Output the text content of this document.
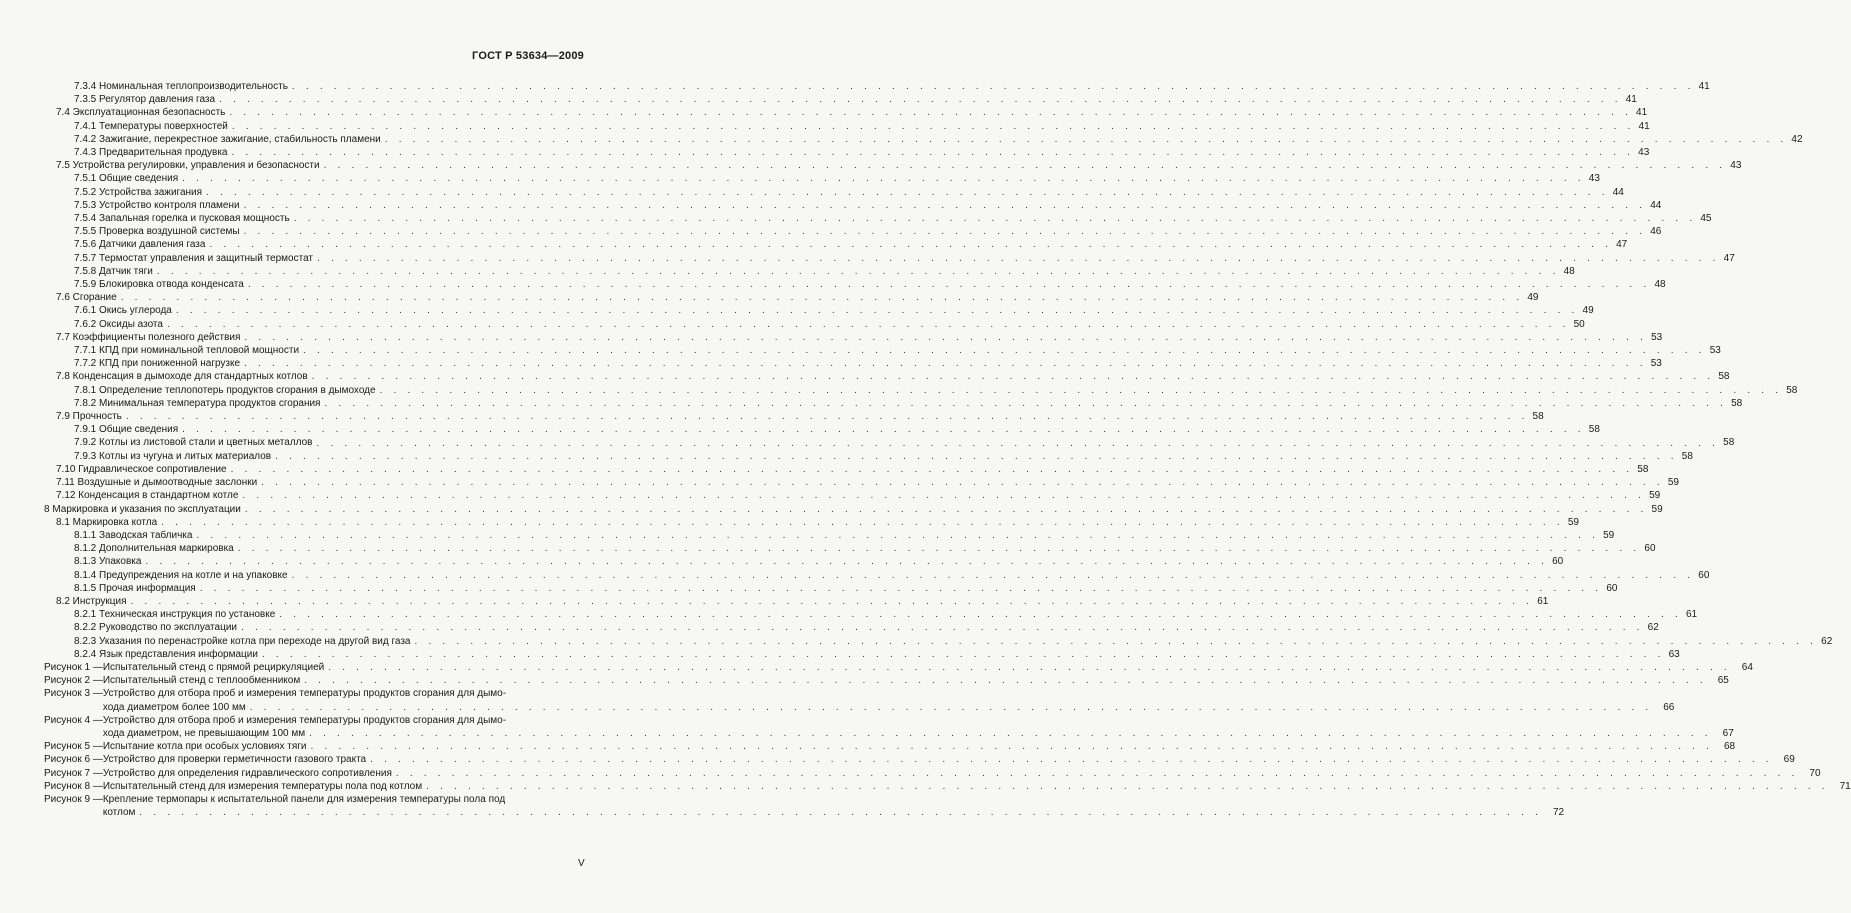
ГОСТ Р 53634—2009
7.3.4 Номинальная теплопроизводительность . . .	41
7.3.5 Регулятор давления газа . . .	41
7.4 Эксплуатационная безопасность . . .	41
7.4.1 Температуры поверхностей . . .	41
7.4.2 Зажигание, перекрестное зажигание, стабильность пламени . . .	42
7.4.3 Предварительная продувка . . .	43
7.5 Устройства регулировки, управления и безопасности . . .	43
7.5.1 Общие сведения . . .	43
7.5.2 Устройства зажигания . . .	44
7.5.3 Устройство контроля пламени . . .	44
7.5.4 Запальная горелка и пусковая мощность . . .	45
7.5.5 Проверка воздушной системы . . .	46
7.5.6 Датчики давления газа . . .	47
7.5.7 Термостат управления и защитный термостат . . .	47
7.5.8 Датчик тяги . . .	48
7.5.9 Блокировка отвода конденсата . . .	48
7.6 Сгорание . . .	49
7.6.1 Окись углерода . . .	49
7.6.2 Оксиды азота . . .	50
7.7 Коэффициенты полезного действия . . .	53
7.7.1 КПД при номинальной тепловой мощности . . .	53
7.7.2 КПД при пониженной нагрузке . . .	53
7.8 Конденсация в дымоходе для стандартных котлов . . .	58
7.8.1 Определение теплопотерь продуктов сгорания в дымоходе . . .	58
7.8.2 Минимальная температура продуктов сгорания . . .	58
7.9 Прочность . . .	58
7.9.1 Общие сведения . . .	58
7.9.2 Котлы из листовой стали и цветных металлов . . .	58
7.9.3 Котлы из чугуна и литых материалов . . .	58
7.10 Гидравлическое сопротивление . . .	58
7.11 Воздушные и дымоотводные заслонки . . .	59
7.12 Конденсация в стандартном котле . . .	59
8 Маркировка и указания по эксплуатации . . .	59
8.1 Маркировка котла . . .	59
8.1.1 Заводская табличка . . .	59
8.1.2 Дополнительная маркировка . . .	60
8.1.3 Упаковка . . .	60
8.1.4 Предупреждения на котле и на упаковке . . .	60
8.1.5 Прочая информация . . .	60
8.2 Инструкция . . .	61
8.2.1 Техническая инструкция по установке . . .	61
8.2.2 Руководство по эксплуатации . . .	62
8.2.3 Указания по перенастройке котла при переходе на другой вид газа . . .	62
8.2.4 Язык представления информации . . .	63
Рисунок 1 — Испытательный стенд с прямой рециркуляцией . . .	64
Рисунок 2 — Испытательный стенд с теплообменником . . .	65
Рисунок 3 — Устройство для отбора проб и измерения температуры продуктов сгорания для дымо-
хода диаметром более 100 мм . . .	66
Рисунок 4 — Устройство для отбора проб и измерения температуры продуктов сгорания для дымо-
хода диаметром, не превышающим 100 мм . . .	67
Рисунок 5 — Испытание котла при особых условиях тяги . . .	68
Рисунок 6 — Устройство для проверки герметичности газового тракта . . .	69
Рисунок 7 — Устройство для определения гидравлического сопротивления . . .	70
Рисунок 8 — Испытательный стенд для измерения температуры пола под котлом . . .	71
Рисунок 9 — Крепление термопары к испытательной панели для измерения температуры пола под
котлом . . .	72
V
